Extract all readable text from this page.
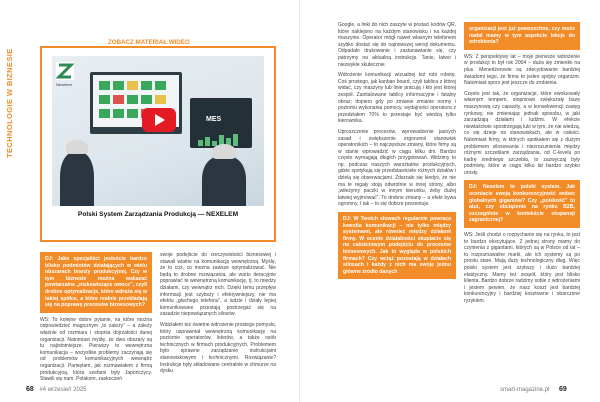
TECHNOLOGIE W BIZNESIE
ZOBACZ MATERIAŁ WIDEO
Nexelem
MES
Polski System Zarządzania Produkcją — NEXELEM

DJ: Jako specjaliści jesteście bardzo blisko podmiotów działających w wielu obszarach branży produkcyjnej. Czy w tym biznesie można wskazać powtarzalne „niskowiszące owoce”, czyli drobne optymalizacje, które wdraża się w takiej spółce, a które realnie przekładają się na poprawę procesów biznesowych?

WS: To kolejne dobre pytanie, na które można odpowiedzieć magicznym „to zależy” – a zależy właśnie od rozmiaru i stopnia dojrzałości danej organizacji. Natomiast myślę, że dwa obszary są tu najistotniejsze. Pierwszy to wewnętrzna komunikacja – wszystkie problemy zaczynają się od problemów komunikacyjnych wewnątrz organizacji. Pamiętam, jak rozmawiałem z firmą produkcyjną, która szefami były Japończycy. Stawili się nam. Polakom, zaskoczeń

swoje podejście do rzeczywistości biznesowej i stawali wiatrie na komunikację wewnętrzną. Myślę, że to coś, co można zawsze optymalizować. Nie będą to drobne rozwiązania, ale warto iteracyjnie poprawiać te wewnętrzną komunikację, tj. to między działami, czy wewnątrz nich. Dzięki temu przepływ informacji jest szybszy i efektywniejszy, nie ma efektu „głuchego telefonu”, a ludzie i działy lepiej komunikowane przestają postrzegać się na zasadzie niepowiązanych silosów.

Widziałem też świetne wdrożenie prostego pomysłu, który usprawniał wewnętrzną komunikację na poziomie operatorów, liderów, a także osób technicznych w firmach produkcyjnych. Problemem było sprawne zarządzanie instrukcjami stanowiskowymi i technicznymi. Rozwiązanie? Instrukcje były składowane centralnie w chmurze na dysku

68 #4 wrzesień 2025

Google, a linki do nich zaszyte w postaci kodów QR, które naklejono na każdym stanowisku i na każdej maszynie. Operator mógł nawet własnym telefonem szybko dostać się do najnowszej wersji dokumentu. Odpadało drukowanie i zastanawianie się, czy patrzymy na aktualną instrukcję. Tanio, łatwo i niezwykle skutecznie.

Wdrożenie komunikacji wizualnej też robi robotę. Coś prostego, jak kanban board, czyli tablica z której widać, czy maszyny lub linie pracują i kto jest której zespół. Zaintalowane tablicy informacyjne i fatalny obraz; dopiero gdy po zmianie zmianie normy i poziomu wykonania pomocy, wydajności operatora z przedziałem 70% to przestaje być wiedzą tylko kierownika.

Uproszczenie procesów, wprowadzenie jasnych zasad i zwiększenie ergonomii stanowisk operatorskich – to najczęstsze zmiany, które firmy są w stanie wprowadzić w ciągu kilku dni. Bardzo często wymagają długich przygotowań. Widzimy to np. podczas naszych warsztatów produkcyjnych, gdzie spotykają się przedstawiciele różnych działów i dzielą się obserwacjami. Zdarzało się kiedyś, że nie ma te regały stoją odwrotnie w innej strony, albo „wiłeżymy paczki w innym kierunku, żeby dużej łatwiej wyjmować”. To drobne zmiany – a efekt bywa ogromny. I tak – to się dobrze prezentuje.

DJ: W Twoich słowach regularnie powraca kwestia komunikacji – nie tylko między systemami, ale również między działami firmy. W ocenie działalności skupiacie się na całościowym podejściu do procesów biznesowych. Jak to wygląda w polskich firmach? Czy wciąż pozostają w działach silosach i każdy z nich ma swoje jedno główne źródło danych

organizacji jest już powszechne, czy może nadal mamy w tym aspekcie lekcje do odrobienia?

WS: Z perspektywy lat – moje pierwsze wdrożenie w produkcji to był rok 2004 – duża się zmieniło na plus. Menedżerowie są zdecydowanie bardziej świadomi tego, że firma to jeden spójny organizm. Natomiast sporo jest jeszcze do zrobienia.

Często jest tak, że organizacje, które ewoluowały własnym tempem, stopniowo zwiększały bazę maszynową czy capacity, a w konsekwencji zasięg rynkowy, nie zmieniając jednak sposobu, w jaki zarządzają działami i ludźmi. W efekcie niewłaściwie spostrzegają luki w tym, że nie wiedzą, co się dzieje na stanowiskach, ale w całości. Natomiast firmy, w których spotkałem się z dużym problemem silosowania i niezrozumienia między różnymi szczeblami zarządzania, od C-levelu po kadrę średniego szczebla, to zazwyczaj były podmioty, które w ciągu kilku lat bardzo szybko urosły.

DJ: Nexelem to polski system. Jak oceniacie swoją konkurencyjność wobec globalnych gigantów? Czy „polskość” to atut, czy obciążenie na rynku B2B, szczególnie w kontekście ekspansji zagranicznej?

WS: Jeśli chodzi o rozpychanie się na rynku, to jest to bardzo ekscytujące. Z jednej strony mamy do czynienia z gigantami, których są w Polsce od lat – to rozpoznawalne marki, ale ich systemy są po prostu stare. Mają duży technologiczny dług. Więc polski system jest szybszy i dużo bardziej elastyczny. Mamy też zespół, który jest blisko klienta. Bardzo dobrze radzimy sobie z wdrożeniami i jestem pewien, że nasz koszt jest bardziej konkurencyjny i bardziej kosztowne i obarczone ryzykiem.

smart-magazine.pl 69
